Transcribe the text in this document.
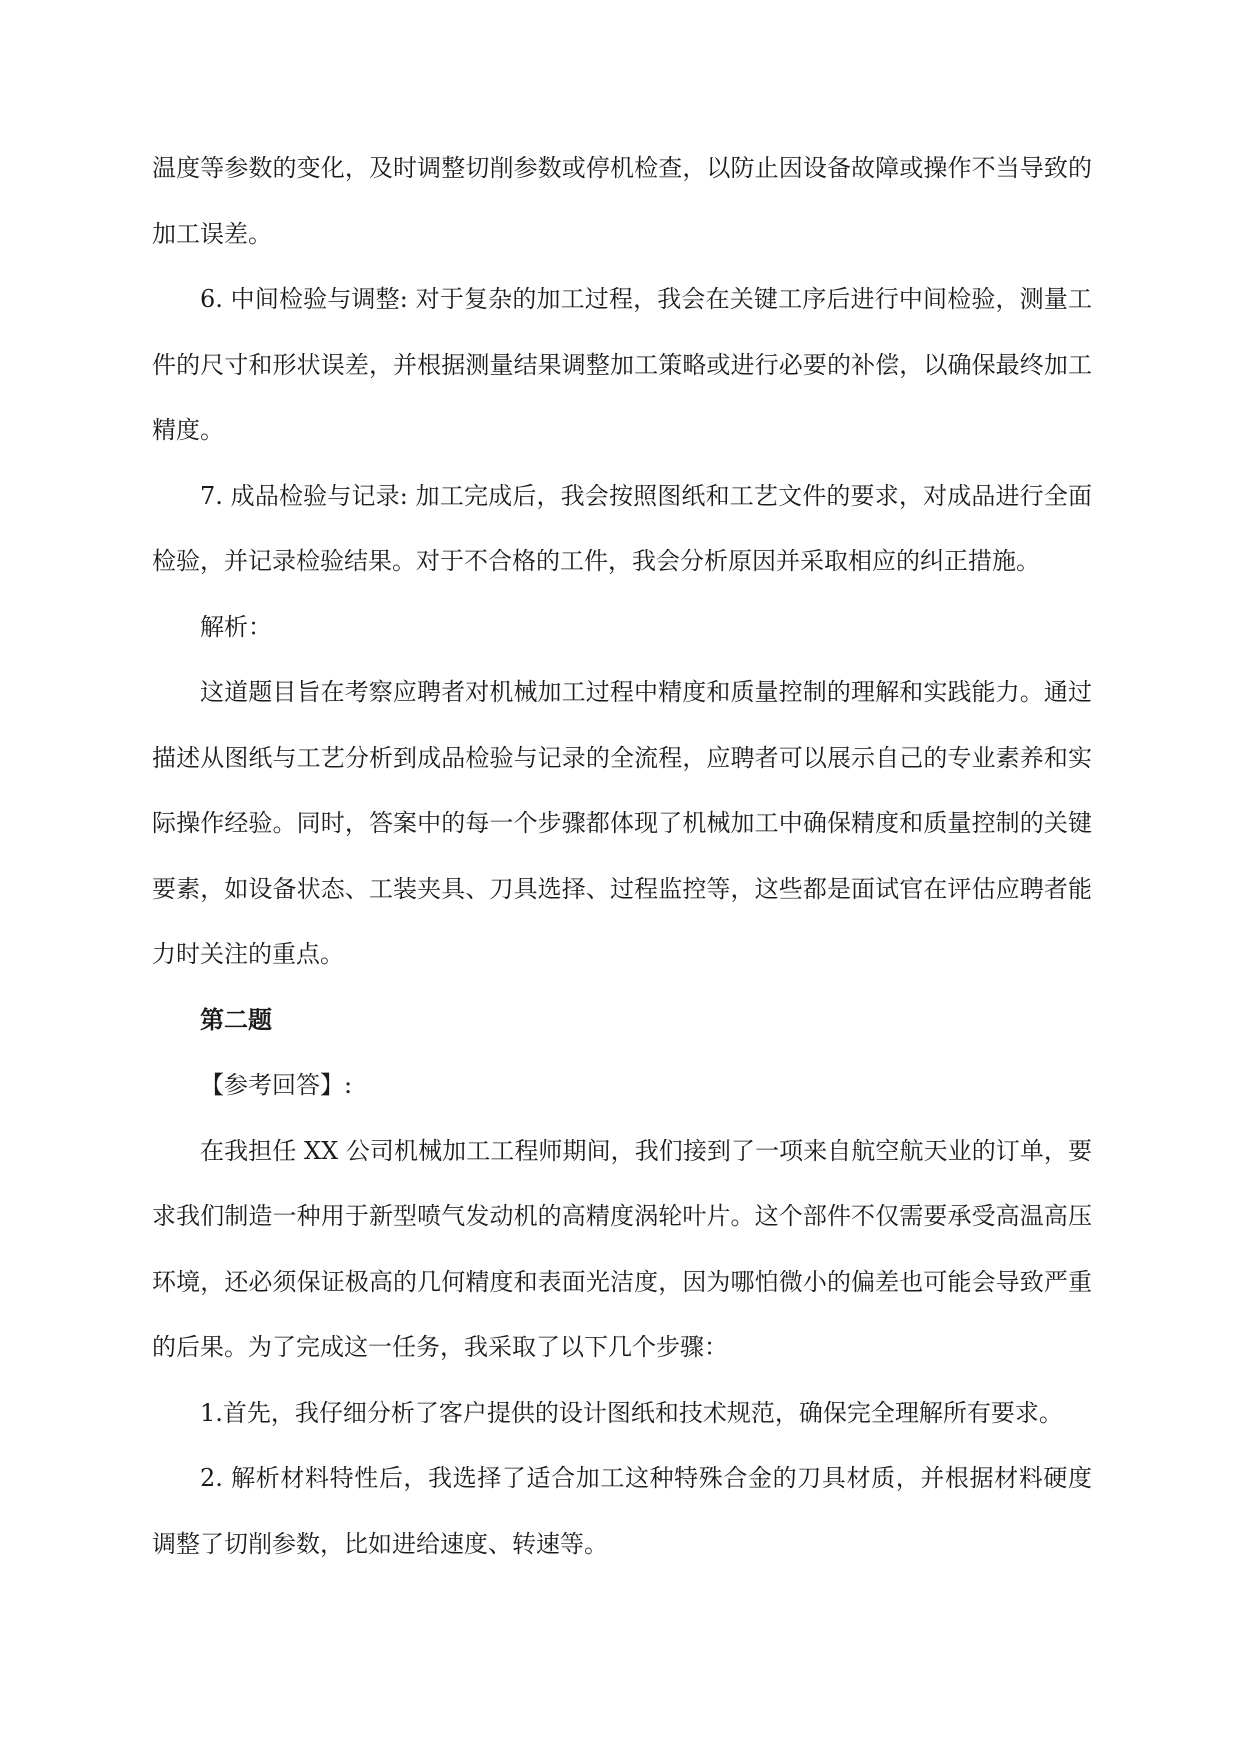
温度等参数的变化，及时调整切削参数或停机检查，以防止因设备故障或操作不当导致的加工误差。

6. 中间检验与调整: 对于复杂的加工过程，我会在关键工序后进行中间检验，测量工件的尺寸和形状误差，并根据测量结果调整加工策略或进行必要的补偿，以确保最终加工精度。

7. 成品检验与记录: 加工完成后，我会按照图纸和工艺文件的要求，对成品进行全面检验，并记录检验结果。对于不合格的工件，我会分析原因并采取相应的纠正措施。

解析：

这道题目旨在考察应聘者对机械加工过程中精度和质量控制的理解和实践能力。通过描述从图纸与工艺分析到成品检验与记录的全流程，应聘者可以展示自己的专业素养和实际操作经验。同时，答案中的每一个步骤都体现了机械加工中确保精度和质量控制的关键要素，如设备状态、工装夹具、刀具选择、过程监控等，这些都是面试官在评估应聘者能力时关注的重点。

第二题

【参考回答】:

在我担任 XX 公司机械加工工程师期间，我们接到了一项来自航空航天业的订单，要求我们制造一种用于新型喷气发动机的高精度涡轮叶片。这个部件不仅需要承受高温高压环境，还必须保证极高的几何精度和表面光洁度，因为哪怕微小的偏差也可能会导致严重的后果。为了完成这一任务，我采取了以下几个步骤：

1.首先，我仔细分析了客户提供的设计图纸和技术规范，确保完全理解所有要求。

2. 解析材料特性后，我选择了适合加工这种特殊合金的刀具材质，并根据材料硬度调整了切削参数，比如进给速度、转速等。
